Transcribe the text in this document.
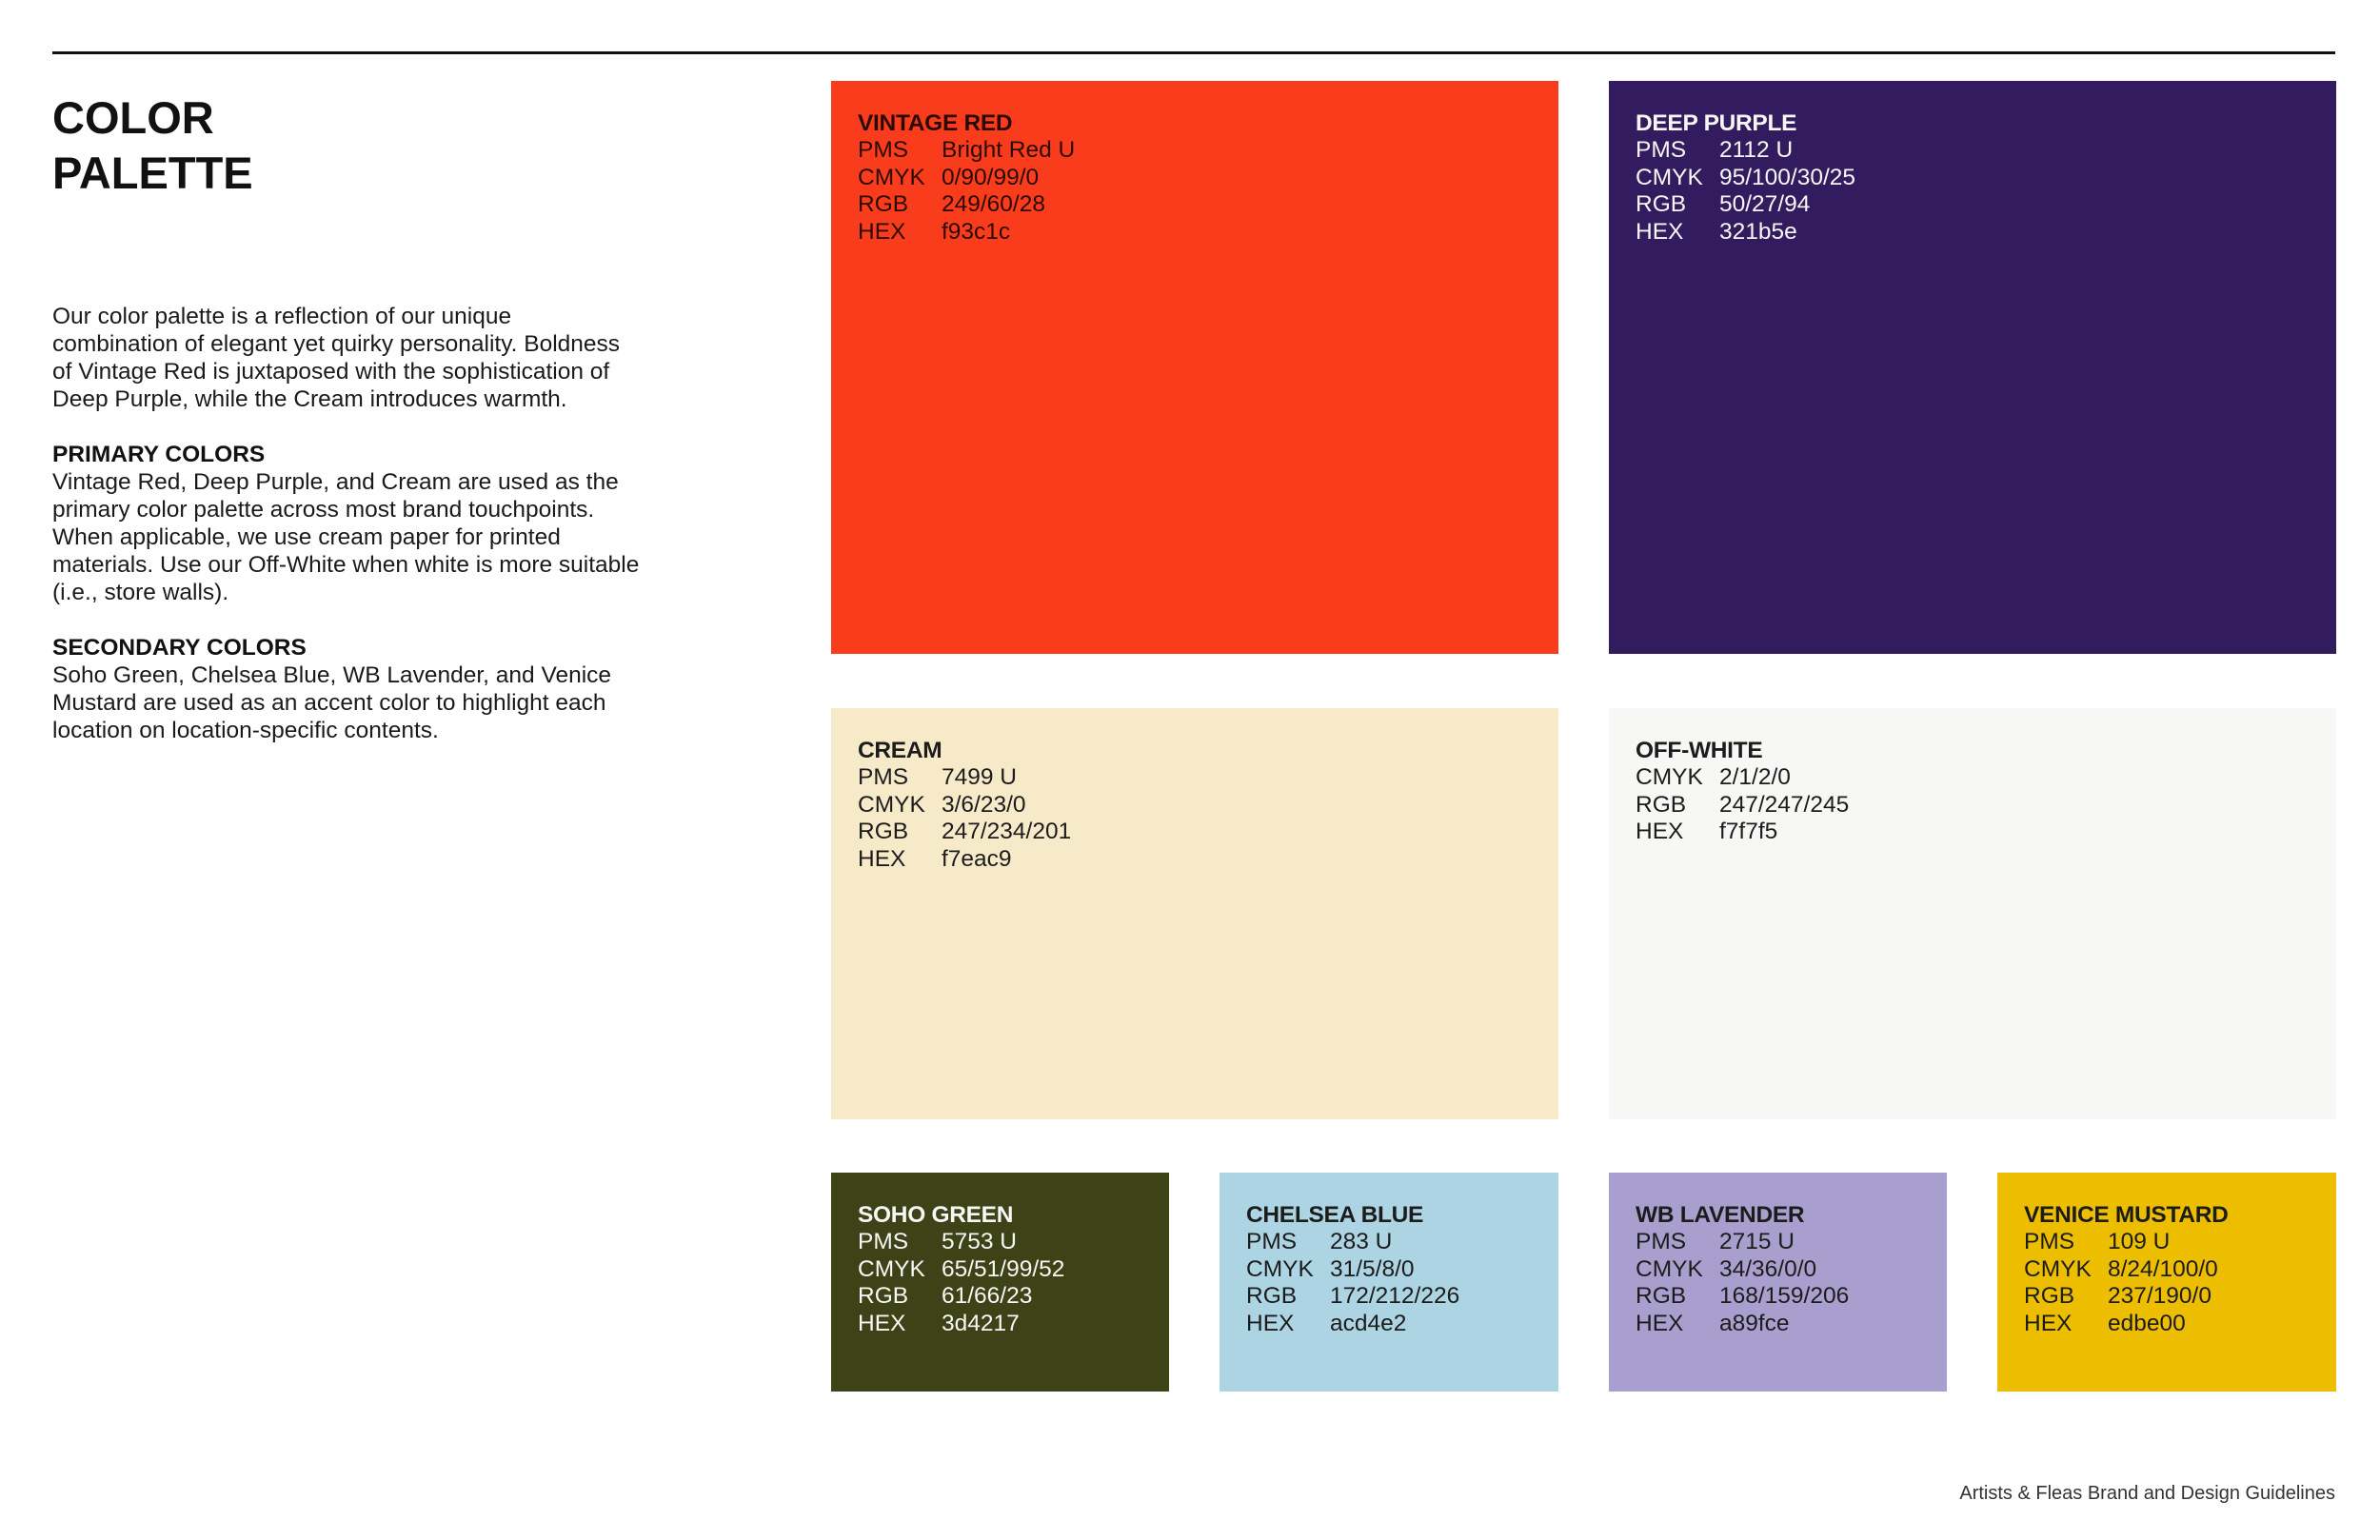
COLOR
PALETTE

Our color palette is a reflection of our unique combination of elegant yet quirky personality. Boldness of Vintage Red is juxtaposed with the sophistication of Deep Purple, while the Cream introduces warmth.

PRIMARY COLORS

Vintage Red, Deep Purple, and Cream are used as the primary color palette across most brand touchpoints. When applicable, we use cream paper for printed materials. Use our Off-White when white is more suitable (i.e., store walls).

SECONDARY COLORS

Soho Green, Chelsea Blue, WB Lavender, and Venice Mustard are used as an accent color to highlight each location on location-specific contents.

VINTAGE RED
PMS	Bright Red U
CMYK 0/90/99/0
RGB	249/60/28
HEX	f93c1c
DEEP PURPLE
PMS	2112 U
CMYK 95/100/30/25
RGB	50/27/94
HEX	321b5e
CREAM
PMS	7499 U
CMYK 3/6/23/0
RGB	247/234/201
HEX	f7eac9
OFF-WHITE
CMYK 2/1/2/0
RGB	247/247/245
HEX	f7f7f5
SOHO GREEN
PMS	5753 U
CMYK 65/51/99/52
RGB	61/66/23
HEX	3d4217
CHELSEA BLUE
PMS	283 U
CMYK 31/5/8/0
RGB	172/212/226
HEX	acd4e2
WB LAVENDER
PMS	2715 U
CMYK 34/36/0/0
RGB	168/159/206
HEX	a89fce
VENICE MUSTARD
PMS	109 U
CMYK 8/24/100/0
RGB	237/190/0
HEX	edbe00
Artists & Fleas Brand and Design Guidelines
